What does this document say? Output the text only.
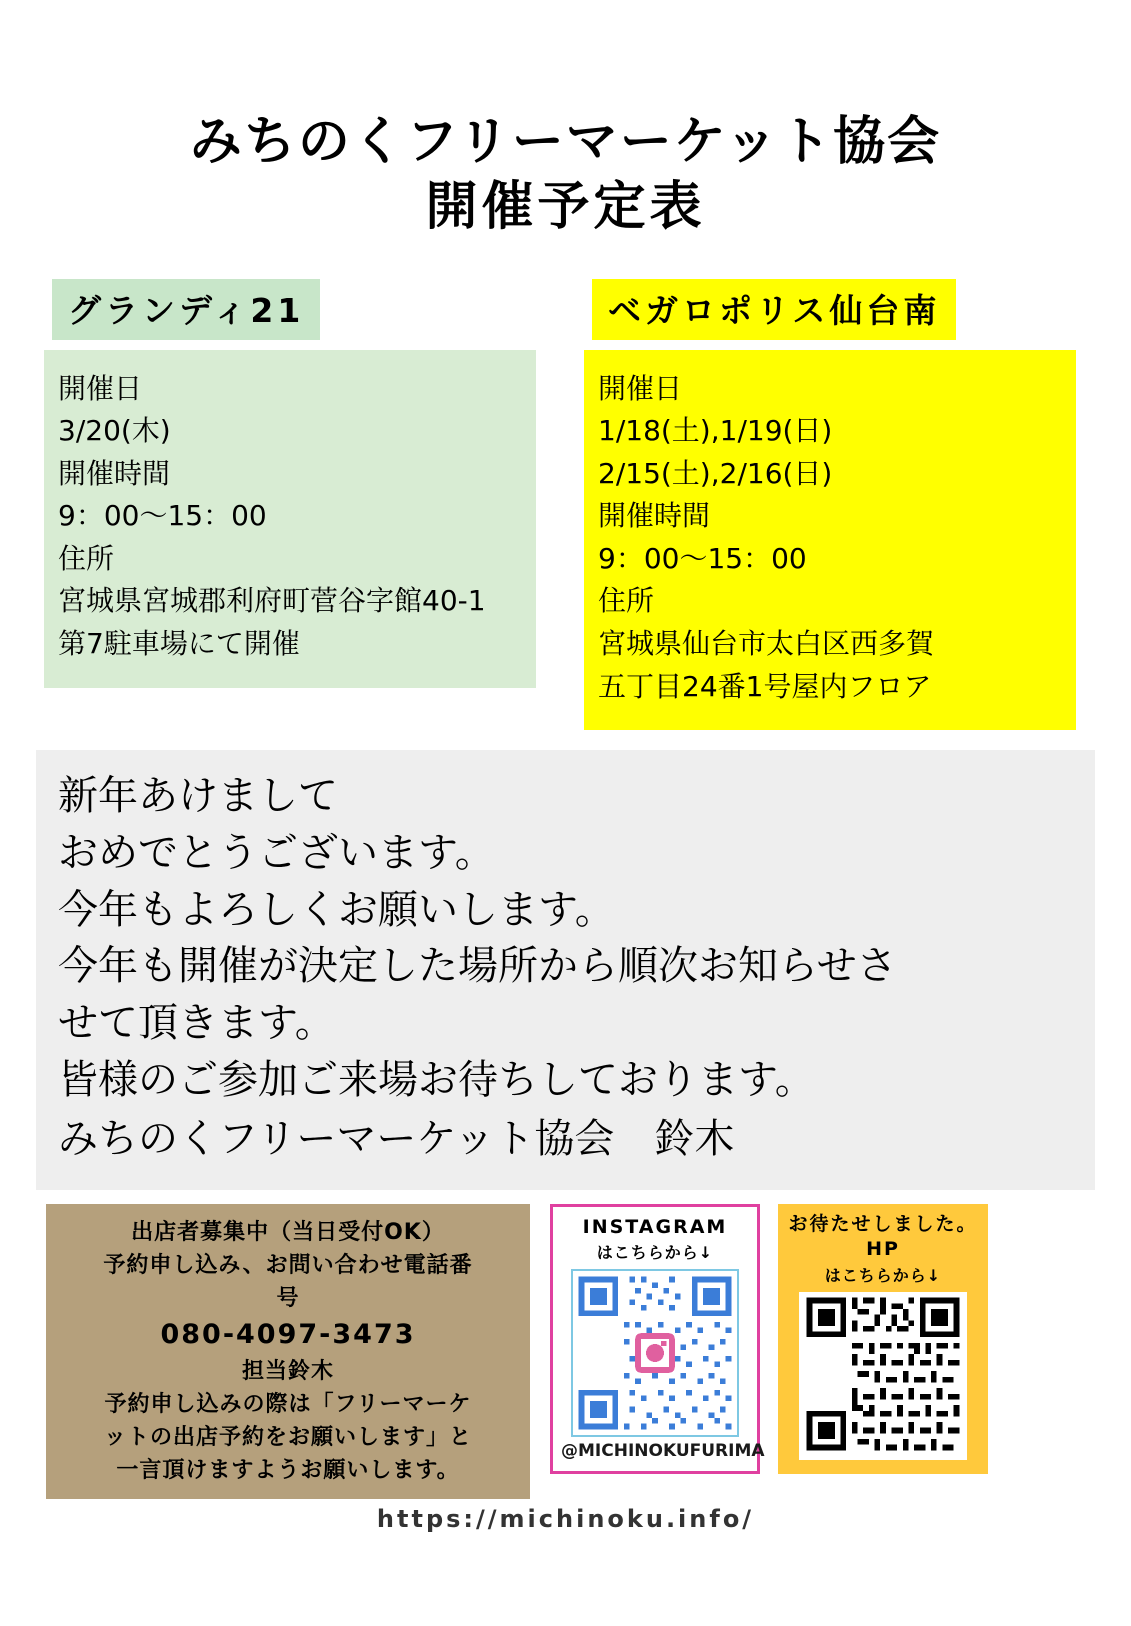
みちのくフリーマーケット協会
開催予定表
グランディ21
開催日
3/20(木)
開催時間
9：00〜15：00
住所
宮城県宮城郡利府町菅谷字館40-1
第7駐車場にて開催
ベガロポリス仙台南
開催日
1/18(土),1/19(日)
2/15(土),2/16(日)
開催時間
9：00〜15：00
住所
宮城県仙台市太白区西多賀
五丁目24番1号屋内フロア
新年あけまして
おめでとうございます。
今年もよろしくお願いします。
今年も開催が決定した場所から順次お知らせさ
せて頂きます。
皆様のご参加ご来場お待ちしております。
みちのくフリーマーケット協会　鈴木
出店者募集中（当日受付OK）
予約申し込み、お問い合わせ電話番
号
080-4097-3473
担当鈴木
予約申し込みの際は「フリーマーケ
ットの出店予約をお願いします」と
一言頂けますようお願いします。
INSTAGRAM
はこちらから↓
@MICHINOKUFURIMA
お待たせしました。
HP
はこちらから↓
https://michinoku.info/
